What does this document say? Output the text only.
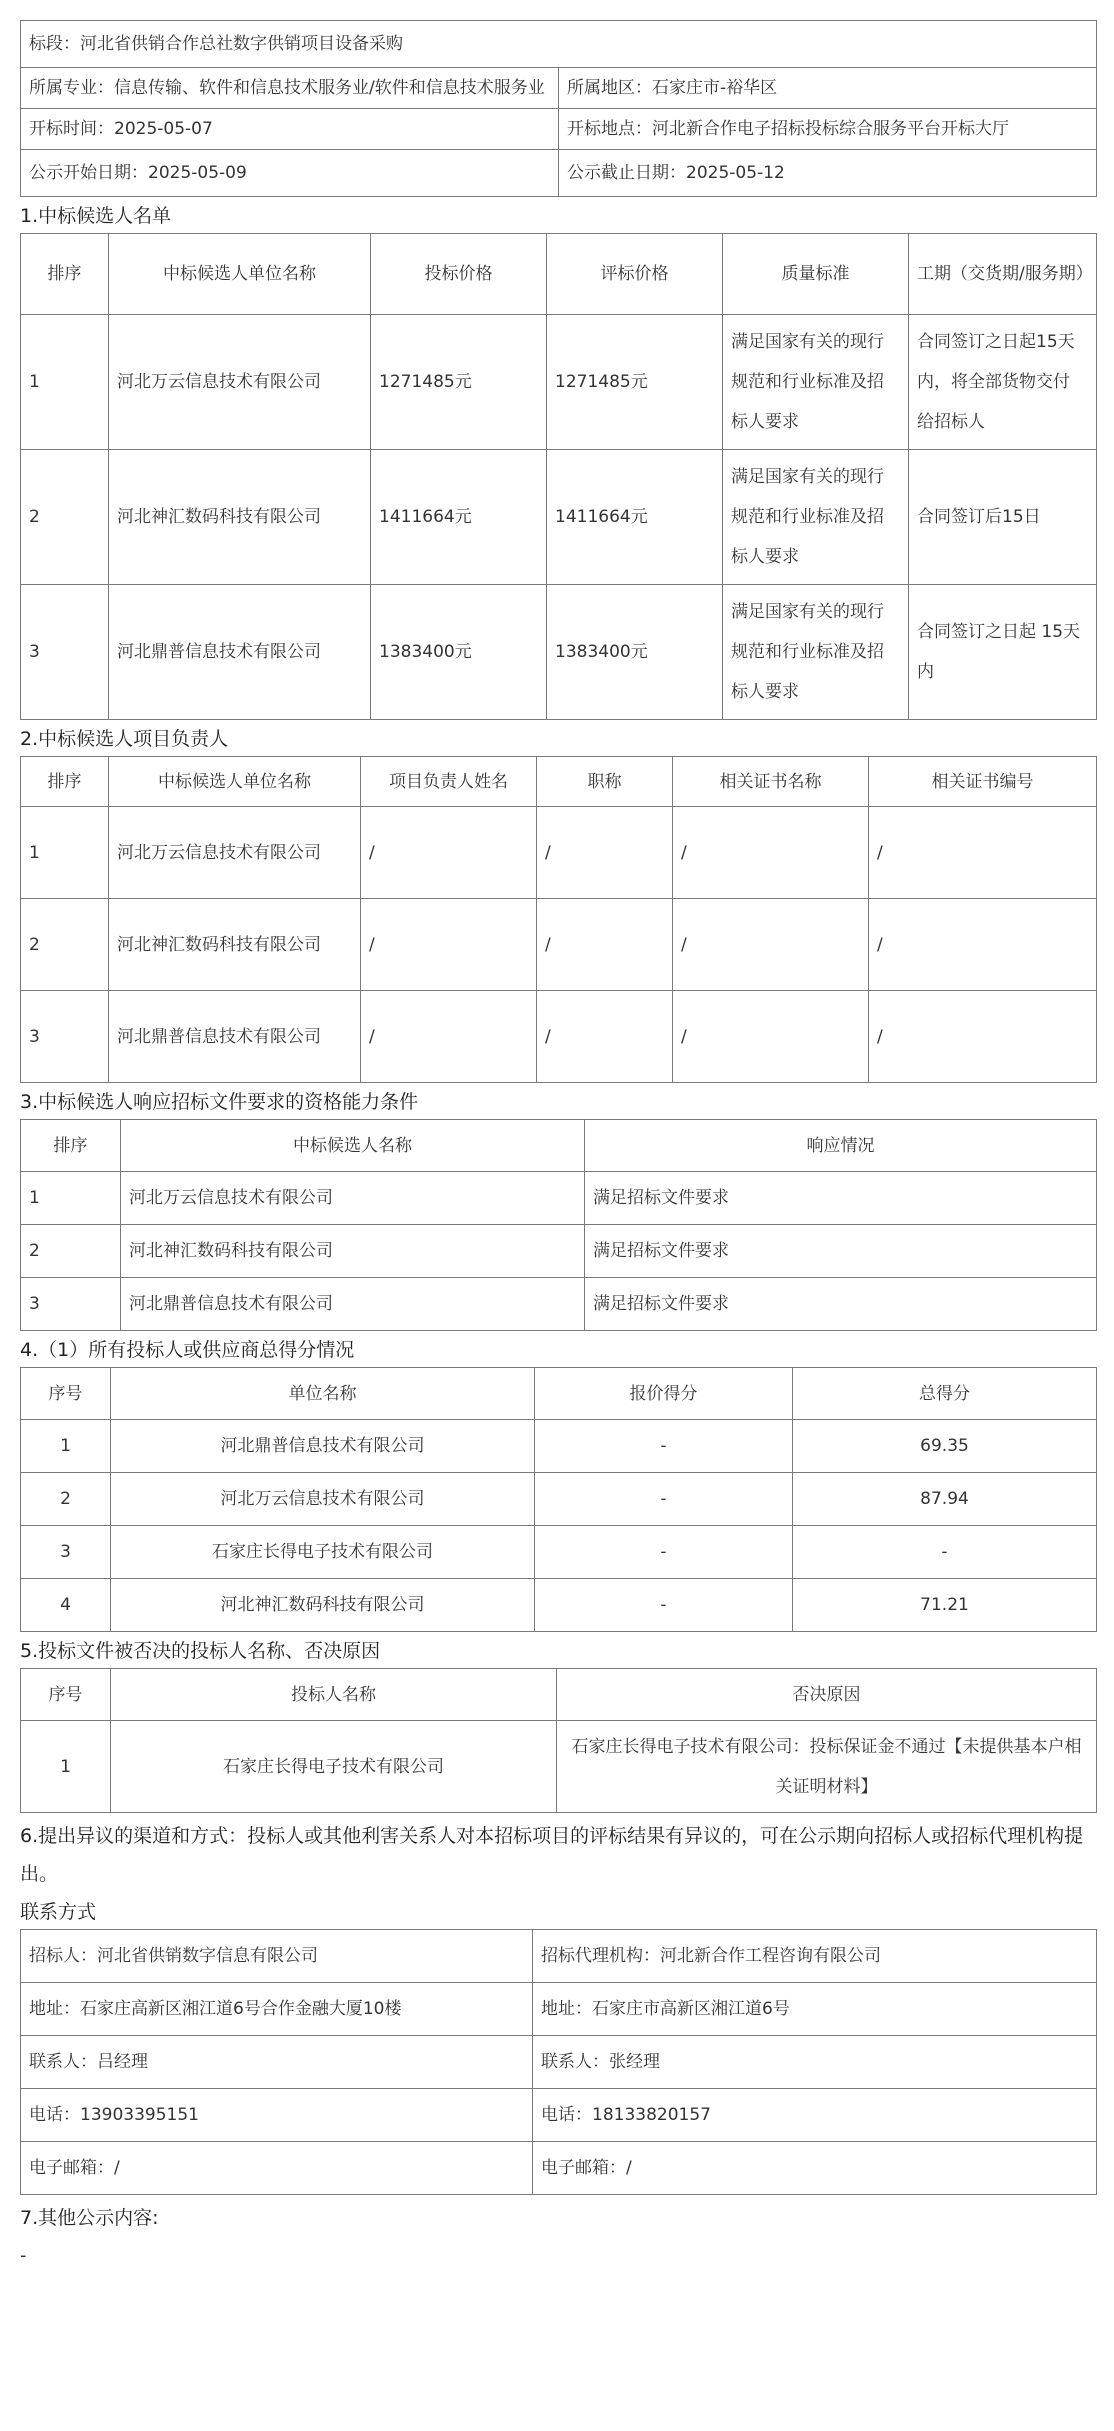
标段：河北省供销合作总社数字供销项目设备采购	
所属专业：信息传输、软件和信息技术服务业/软件和信息技术服务业	所属地区：石家庄市-裕华区
开标时间：2025-05-07	开标地点：河北新合作电子招标投标综合服务平台开标大厅
公示开始日期：2025-05-09	公示截止日期：2025-05-12
1.中标候选人名单
排序	中标候选人单位名称	投标价格	评标价格	质量标准	工期（交货期/服务期）
1	河北万云信息技术有限公司	1271485元	1271485元	满足国家有关的现行 规范和行业标准及招标人要求	合同签订之日起15天内，将全部货物交付 给招标人
2	河北神汇数码科技有限公司	1411664元	1411664元	满足国家有关的现行规范和行业标准及招标人要求	合同签订后15日
3	河北鼎普信息技术有限公司	1383400元	1383400元	满足国家有关的现行规范和行业标准及招标人要求	合同签订之日起 15天内
2.中标候选人项目负责人
排序	中标候选人单位名称	项目负责人姓名	职称	相关证书名称	相关证书编号
1	河北万云信息技术有限公司	/	/	/	/
2	河北神汇数码科技有限公司	/	/	/	/
3	河北鼎普信息技术有限公司	/	/	/	/
3.中标候选人响应招标文件要求的资格能力条件
排序	中标候选人名称	响应情况
1	河北万云信息技术有限公司	满足招标文件要求
2	河北神汇数码科技有限公司	满足招标文件要求
3	河北鼎普信息技术有限公司	满足招标文件要求
4.（1）所有投标人或供应商总得分情况
序号	单位名称	报价得分	总得分
1	河北鼎普信息技术有限公司	-	69.35
2	河北万云信息技术有限公司	-	87.94
3	石家庄长得电子技术有限公司	-	-
4	河北神汇数码科技有限公司	-	71.21
5.投标文件被否决的投标人名称、否决原因
序号	投标人名称	否决原因
1	石家庄长得电子技术有限公司	石家庄长得电子技术有限公司：投标保证金不通过【未提供基本户相关证明材料】
6.提出异议的渠道和方式：投标人或其他利害关系人对本招标项目的评标结果有异议的，可在公示期向招标人或招标代理机构提出。
联系方式
招标人：河北省供销数字信息有限公司	招标代理机构：河北新合作工程咨询有限公司
地址：石家庄高新区湘江道6号合作金融大厦10楼	地址：石家庄市高新区湘江道6号
联系人：吕经理	联系人：张经理
电话：13903395151	电话：18133820157
电子邮箱：/	电子邮箱：/
7.其他公示内容:
-
